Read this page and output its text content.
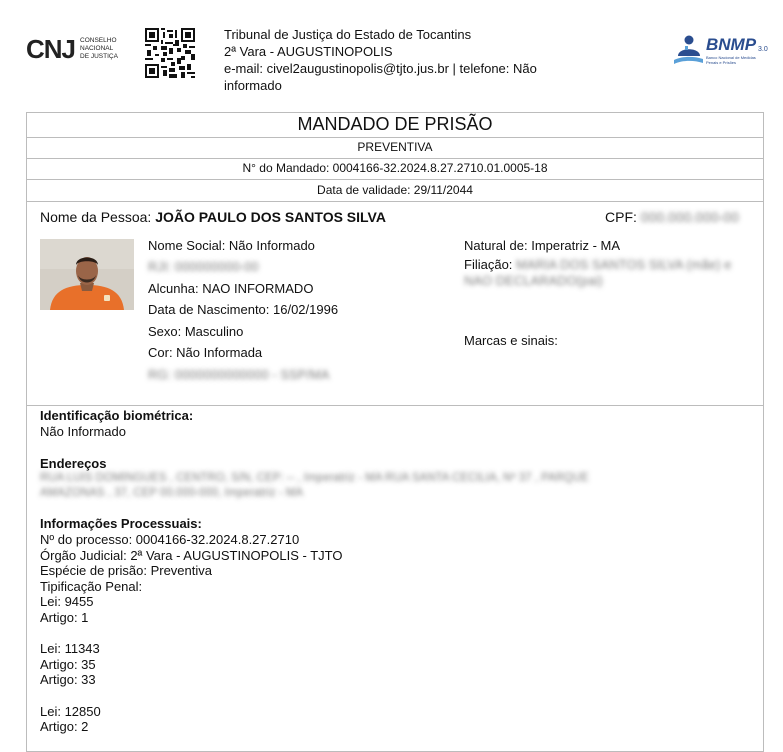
CNJ CONSELHO
NACIONAL
DE JUSTIÇA
Tribunal de Justiça do Estado de Tocantins
2ª Vara - AUGUSTINOPOLIS
e-mail: civel2augustinopolis@tjto.jus.br | telefone: Não
informado
BNMP 3.0
Banco Nacional de Medidas Penais e Prisões
MANDADO DE PRISÃO
PREVENTIVA
N° do Mandado: 0004166-32.2024.8.27.2710.01.0005-18
Data de validade: 29/11/2044
Nome da Pessoa: JOÃO PAULO DOS SANTOS SILVA	CPF: 000.000.000-00
Nome Social: Não Informado
RJI: 000000000-00
Alcunha: NAO INFORMADO
Data de Nascimento: 16/02/1996
Sexo: Masculino
Cor: Não Informada
RG: 0000000000000 - SSP/MA
Natural de: Imperatriz - MA
Filiação: MARIA DOS SANTOS SILVA (mãe) e
NAO DECLARADO(pai)
Marcas e sinais:
Identificação biométrica:
Não Informado
Endereços
RUA LUIS DOMINGUES , CENTRO, S/N, CEP: -- , Imperatriz - MA RUA SANTA CECILIA, Nº 37 , PARQUE
AMAZONAS , 37, CEP 00.000-000, Imperatriz - MA
Informações Processuais:
Nº do processo: 0004166-32.2024.8.27.2710
Órgão Judicial: 2ª Vara - AUGUSTINOPOLIS - TJTO
Espécie de prisão: Preventiva
Tipificação Penal:
Lei: 9455
Artigo: 1
Lei: 11343
Artigo: 35
Artigo: 33
Lei: 12850
Artigo: 2
